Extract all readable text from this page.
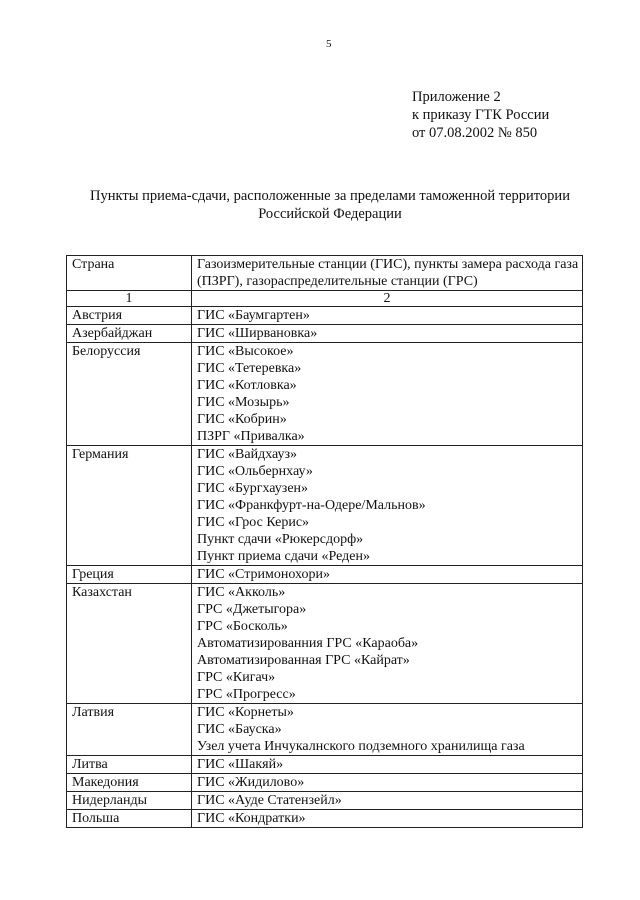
5
Приложение 2
к приказу ГТК России
от 07.08.2002 № 850
Пункты приема-сдачи, расположенные за пределами таможенной территории
Российской Федерации
Страна	Газоизмерительные станции (ГИС), пункты замера расхода газа (ПЗРГ), газораспределительные станции (ГРС)
1	2
Австрия	ГИС «Баумгартен»

Азербайджан	ГИС «Ширвановка»

Белоруссия	ГИС «Высокое»
ГИС «Тетеревка»
ГИС «Котловка»
ГИС «Мозырь»
ГИС «Кобрин»
ПЗРГ «Привалка»

Германия	ГИС «Вайдхауз»
ГИС «Ольбернхау»
ГИС «Бургхаузен»
ГИС «Франкфурт-на-Одере/Мальнов»
ГИС «Грос Керис»
Пункт сдачи «Рюкерсдорф»
Пункт приема сдачи «Реден»

Греция	ГИС «Стримонохори»

Казахстан	ГИС «Акколь»
ГРС «Джетыгора»
ГРС «Босколь»
Автоматизированния ГРС «Караоба»
Автоматизированная ГРС «Кайрат»
ГРС «Кигач»
ГРС «Прогресс»

Латвия	ГИС «Корнеты»
ГИС «Бауска»
Узел учета Инчукалнского подземного хранилища газа

Литва	ГИС «Шакяй»

Македония	ГИС «Жидилово»

Нидерланды	ГИС «Ауде Статензейл»

Польша	ГИС «Кондратки»
